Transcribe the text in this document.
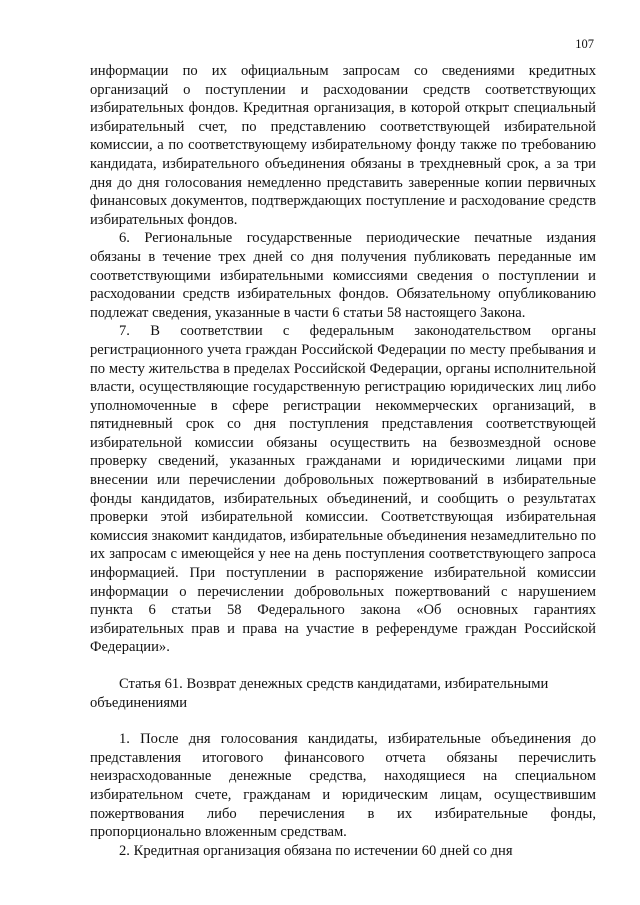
107

информации по их официальным запросам со сведениями кредитных организаций о поступлении и расходовании средств соответствующих избирательных фондов. Кредитная организация, в которой открыт специальный избирательный счет, по представлению соответствующей избирательной комиссии, а по соответствующему избирательному фонду также по требованию кандидата, избирательного объединения обязаны в трехдневный срок, а за три дня до дня голосования немедленно представить заверенные копии первичных финансовых документов, подтверждающих поступление и расходование средств избирательных фондов.

6. Региональные государственные периодические печатные издания обязаны в течение трех дней со дня получения публиковать переданные им соответствующими избирательными комиссиями сведения о поступлении и расходовании средств избирательных фондов. Обязательному опубликованию подлежат сведения, указанные в части 6 статьи 58 настоящего Закона.

7. В соответствии с федеральным законодательством органы регистрационного учета граждан Российской Федерации по месту пребывания и по месту жительства в пределах Российской Федерации, органы исполнительной власти, осуществляющие государственную регистрацию юридических лиц либо уполномоченные в сфере регистрации некоммерческих организаций, в пятидневный срок со дня поступления представления соответствующей избирательной комиссии обязаны осуществить на безвозмездной основе проверку сведений, указанных гражданами и юридическими лицами при внесении или перечислении добровольных пожертвований в избирательные фонды кандидатов, избирательных объединений, и сообщить о результатах проверки этой избирательной комиссии. Соответствующая избирательная комиссия знакомит кандидатов, избирательные объединения незамедлительно по их запросам с имеющейся у нее на день поступления соответствующего запроса информацией. При поступлении в распоряжение избирательной комиссии информации о перечислении добровольных пожертвований с нарушением пункта 6 статьи 58 Федерального закона «Об основных гарантиях избирательных прав и права на участие в референдуме граждан Российской Федерации».

Статья 61. Возврат денежных средств кандидатами, избирательными объединениями

1. После дня голосования кандидаты, избирательные объединения до представления итогового финансового отчета обязаны перечислить неизрасходованные денежные средства, находящиеся на специальном избирательном счете, гражданам и юридическим лицам, осуществившим пожертвования либо перечисления в их избирательные фонды, пропорционально вложенным средствам.

2. Кредитная организация обязана по истечении 60 дней со дня
